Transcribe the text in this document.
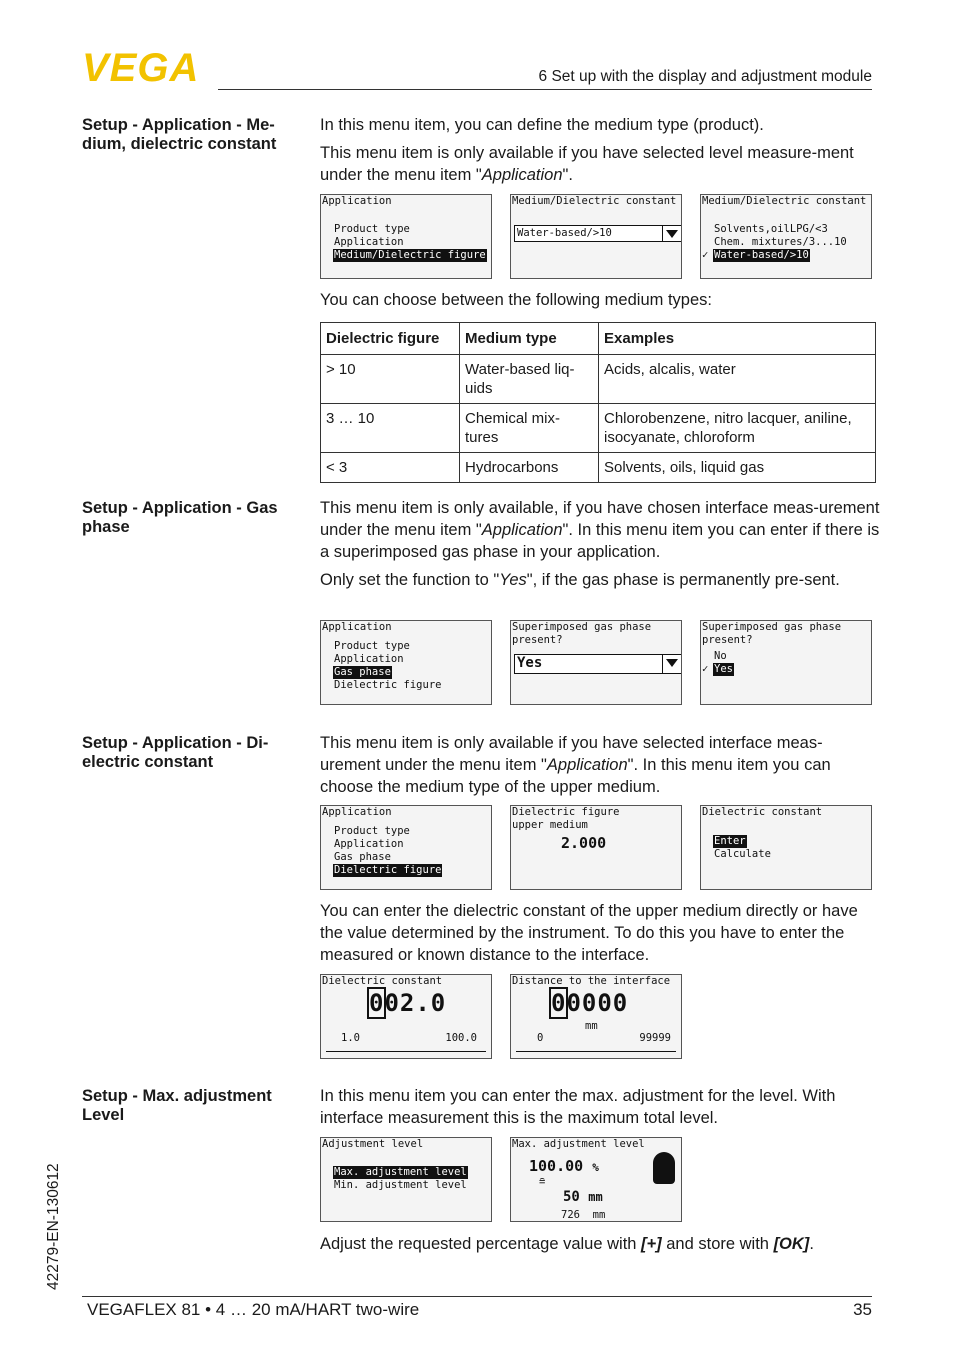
VEGA	6 Set up with the display and adjustment module
Setup - Application - Me-dium, dielectric constant

In this menu item, you can define the medium type (product).

This menu item is only available if you have selected level measure-ment under the menu item "Application".

Application
Product type
Application
Medium/Dielectric figure
Medium/Dielectric constant
Water-based/>10
Medium/Dielectric constant
Solvents,oilLPG/<3
Chem. mixtures/3...10
✓ Water-based/>10
You can choose between the following medium types:
Dielectric figure	Medium type	Examples
> 10	Water-based liq-uids	Acids, alcalis, water
3 … 10	Chemical mix-tures	Chlorobenzene, nitro lacquer, aniline, isocyanate, chloroform
< 3	Hydrocarbons	Solvents, oils, liquid gas
Setup - Application - Gas phase

This menu item is only available, if you have chosen interface meas-urement under the menu item "Application". In this menu item you can enter if there is a superimposed gas phase in your application.

Only set the function to "Yes", if the gas phase is permanently pre-sent.

Application
Product type
Application
Gas phase
Dielectric figure
Superimposed gas phase present?
Yes
Superimposed gas phase present?
No
✓ Yes
Setup - Application - Di-electric constant

This menu item is only available if you have selected interface meas-urement under the menu item "Application". In this menu item you can choose the medium type of the upper medium.

Application
Product type
Application
Gas phase
Dielectric figure
Dielectric figure
upper medium
2.000
Dielectric constant
Enter
Calculate
You can enter the dielectric constant of the upper medium directly or have the value determined by the instrument. To do this you have to enter the measured or known distance to the interface.
Dielectric constant
002.0
1.0	100.0
Distance to the interface
00000
mm
0	99999
Setup - Max. adjustment Level

In this menu item you can enter the max. adjustment for the level. With interface measurement this is the maximum total level.

Adjustment level
Max. adjustment level
Min. adjustment level
Max. adjustment level
100.00 %
≘
50 mm
726 mm
Adjust the requested percentage value with [+] and store with [OK].
42279-EN-130612
VEGAFLEX 81 • 4 … 20 mA/HART two-wire	35
